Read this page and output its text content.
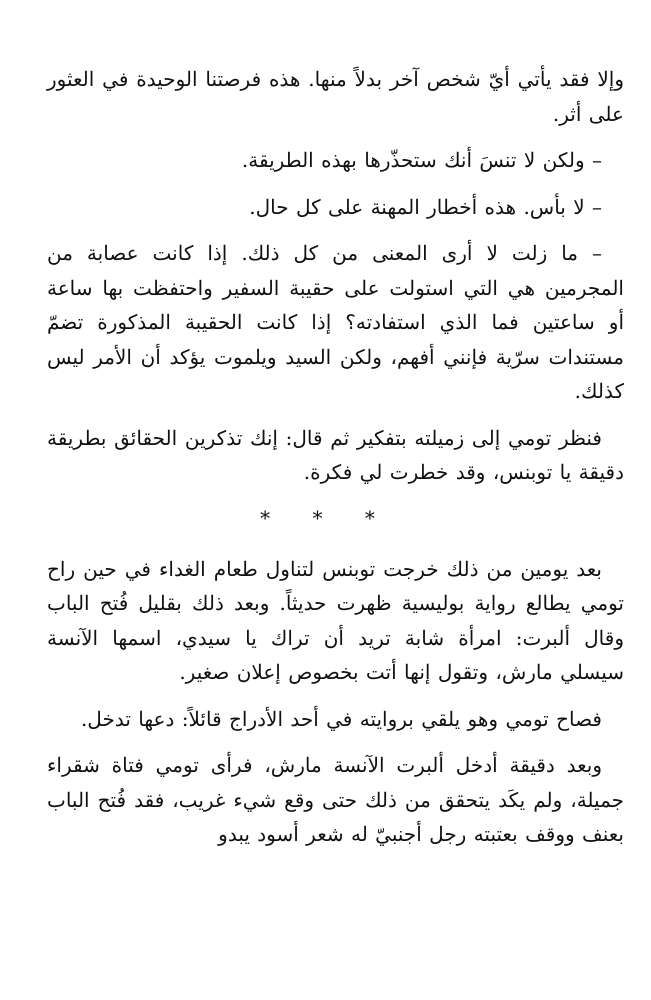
وإلا فقد يأتي أيّ شخص آخر بدلاً منها. هذه فرصتنا الوحيدة في العثور على أثر.

– ولكن لا تنسَ أنك ستحذّرها بهذه الطريقة.

– لا بأس. هذه أخطار المهنة على كل حال.

– ما زلت لا أرى المعنى من كل ذلك. إذا كانت عصابة من المجرمين هي التي استولت على حقيبة السفير واحتفظت بها ساعة أو ساعتين فما الذي استفادته؟ إذا كانت الحقيبة المذكورة تضمّ مستندات سرّية فإنني أفهم، ولكن السيد ويلموت يؤكد أن الأمر ليس كذلك.

فنظر تومي إلى زميلته بتفكير ثم قال: إنك تذكرين الحقائق بطريقة دقيقة يا توبنس، وقد خطرت لي فكرة.

* * *

بعد يومين من ذلك خرجت توبنس لتناول طعام الغداء في حين راح تومي يطالع رواية بوليسية ظهرت حديثاً. وبعد ذلك بقليل فُتح الباب وقال ألبرت: امرأة شابة تريد أن تراك يا سيدي، اسمها الآنسة سيسلي مارش، وتقول إنها أتت بخصوص إعلان صغير.

فصاح تومي وهو يلقي بروايته في أحد الأدراج قائلاً: دعها تدخل.

وبعد دقيقة أدخل ألبرت الآنسة مارش، فرأى تومي فتاة شقراء جميلة، ولم يكَد يتحقق من ذلك حتى وقع شيء غريب، فقد فُتح الباب بعنف ووقف بعتبته رجل أجنبيّ له شعر أسود يبدو
